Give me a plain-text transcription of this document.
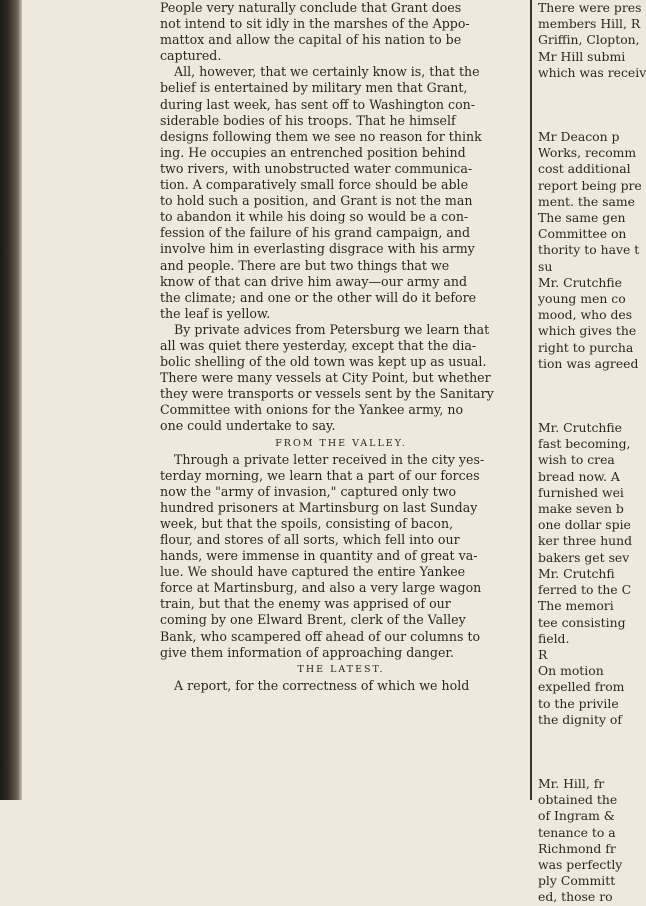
People very naturally conclude that Grant does

not intend to sit idly in the marshes of the Appo-

mattox and allow the capital of his nation to be

captured.

All, however, that we certainly know is, that the

belief is entertained by military men that Grant,

during last week, has sent off to Washington con-

siderable bodies of his troops. That he himself

designs following them we see no reason for think

ing. He occupies an entrenched position behind

two rivers, with unobstructed water communica-

tion. A comparatively small force should be able

to hold such a position, and Grant is not the man

to abandon it while his doing so would be a con-

fession of the failure of his grand campaign, and

involve him in everlasting disgrace with his army

and people. There are but two things that we

know of that can drive him away—our army and

the climate; and one or the other will do it before

the leaf is yellow.

By private advices from Petersburg we learn that

all was quiet there yesterday, except that the dia-

bolic shelling of the old town was kept up as usual.

There were many vessels at City Point, but whether

they were transports or vessels sent by the Sanitary

Committee with onions for the Yankee army, no

one could undertake to say.

FROM THE VALLEY.

Through a private letter received in the city yes-

terday morning, we learn that a part of our forces

now the "army of invasion," captured only two

hundred prisoners at Martinsburg on last Sunday

week, but that the spoils, consisting of bacon,

flour, and stores of all sorts, which fell into our

hands, were immense in quantity and of great va-

lue. We should have captured the entire Yankee

force at Martinsburg, and also a very large wagon

train, but that the enemy was apprised of our

coming by one Elward Brent, clerk of the Valley

Bank, who scampered off ahead of our columns to

give them information of approaching danger.

THE LATEST.

A report, for the correctness of which we hold

There were pres

members Hill, R

Griffin, Clopton,

Mr Hill submi

which was receiv

Mr Deacon p

Works, recomm

cost additional

report being pre

ment. the same

The same gen

Committee on

thority to have t

su

Mr. Crutchfie

young men co

mood, who des

which gives the

right to purcha

tion was agreed

Mr. Crutchfie

fast becoming,

wish to crea

bread now. A

furnished wei

make seven b

one dollar spie

ker three hund

bakers get sev

Mr. Crutchfi

ferred to the C

The memori

tee consisting

field.

R

On motion

expelled from

to the privile

the dignity of

Mr. Hill, fr

obtained the

of Ingram &

tenance to a

Richmond fr

was perfectly

ply Committ

ed, those ro
